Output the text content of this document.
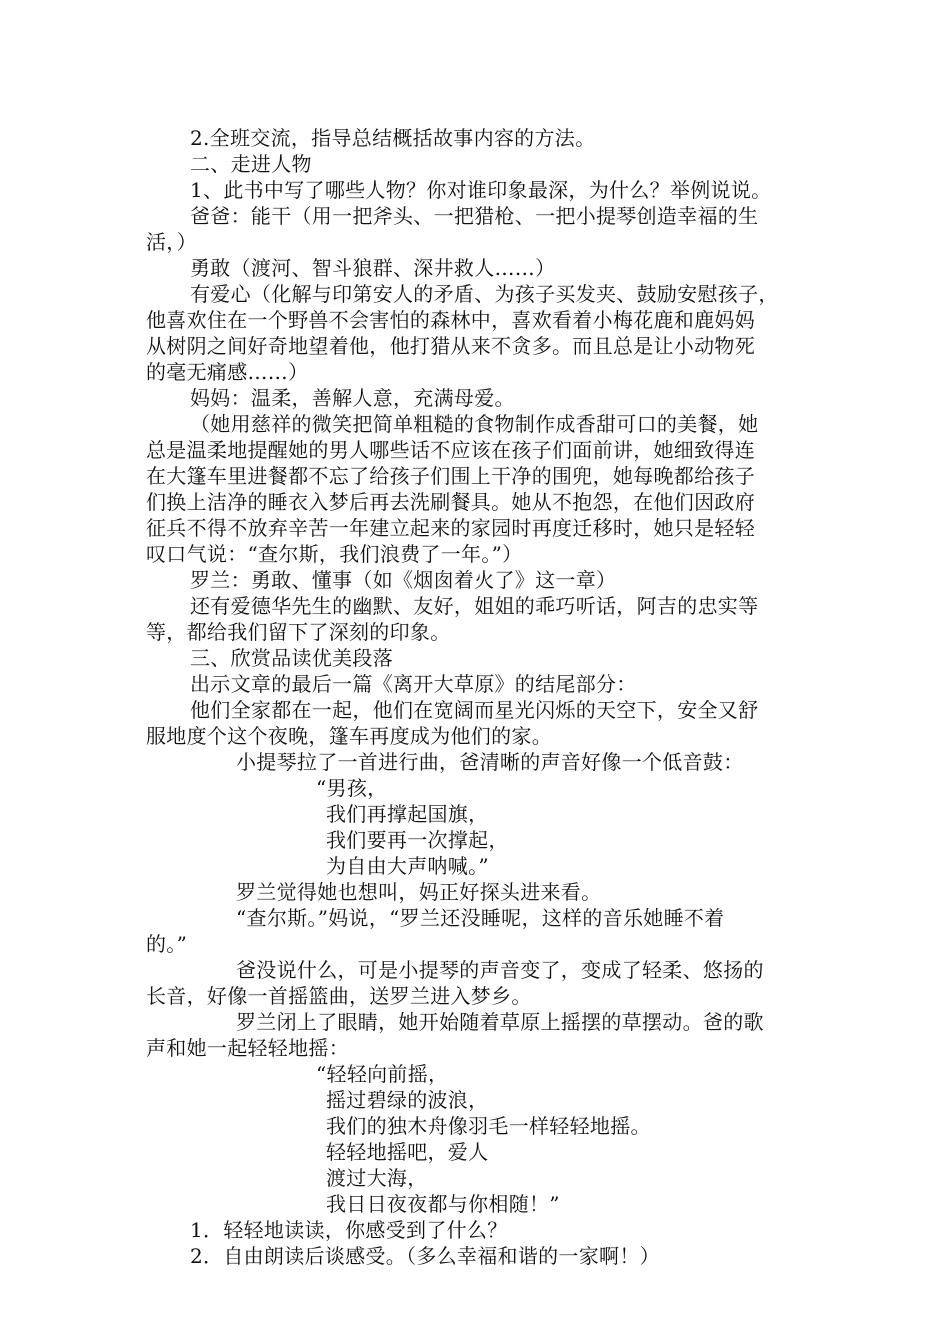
2.全班交流，指导总结概括故事内容的方法。

二、走进人物

1、此书中写了哪些人物？你对谁印象最深，为什么？举例说说。

爸爸：能干（用一把斧头、一把猎枪、一把小提琴创造幸福的生

活，）

勇敢（渡河、智斗狼群、深井救人……）

有爱心（化解与印第安人的矛盾、为孩子买发夹、鼓励安慰孩子，

他喜欢住在一个野兽不会害怕的森林中，喜欢看着小梅花鹿和鹿妈妈

从树阴之间好奇地望着他，他打猎从来不贪多。而且总是让小动物死

的毫无痛感……）

妈妈：温柔，善解人意，充满母爱。

（她用慈祥的微笑把简单粗糙的食物制作成香甜可口的美餐，她

总是温柔地提醒她的男人哪些话不应该在孩子们面前讲，她细致得连

在大篷车里进餐都不忘了给孩子们围上干净的围兜，她每晚都给孩子

们换上洁净的睡衣入梦后再去洗刷餐具。她从不抱怨，在他们因政府

征兵不得不放弃辛苦一年建立起来的家园时再度迁移时，她只是轻轻

叹口气说：“查尔斯，我们浪费了一年。”）

罗兰：勇敢、懂事（如《烟囱着火了》这一章）

还有爱德华先生的幽默、友好，姐姐的乖巧听话，阿吉的忠实等

等，都给我们留下了深刻的印象。

三、欣赏品读优美段落

出示文章的最后一篇《离开大草原》的结尾部分：

他们全家都在一起，他们在宽阔而星光闪烁的天空下，安全又舒

服地度个这个夜晚，篷车再度成为他们的家。

小提琴拉了一首进行曲，爸清晰的声音好像一个低音鼓：

“男孩，

我们再撑起国旗，

我们要再一次撑起，

为自由大声呐喊。”

罗兰觉得她也想叫，妈正好探头进来看。

“查尔斯。”妈说，“罗兰还没睡呢，这样的音乐她睡不着

的。”

爸没说什么，可是小提琴的声音变了，变成了轻柔、悠扬的

长音，好像一首摇篮曲，送罗兰进入梦乡。

罗兰闭上了眼睛，她开始随着草原上摇摆的草摆动。爸的歌

声和她一起轻轻地摇：

“轻轻向前摇，

摇过碧绿的波浪，

我们的独木舟像羽毛一样轻轻地摇。

轻轻地摇吧，爱人

渡过大海，

我日日夜夜都与你相随！”

1．轻轻地读读，你感受到了什么？

2．自由朗读后谈感受。（多么幸福和谐的一家啊！）
